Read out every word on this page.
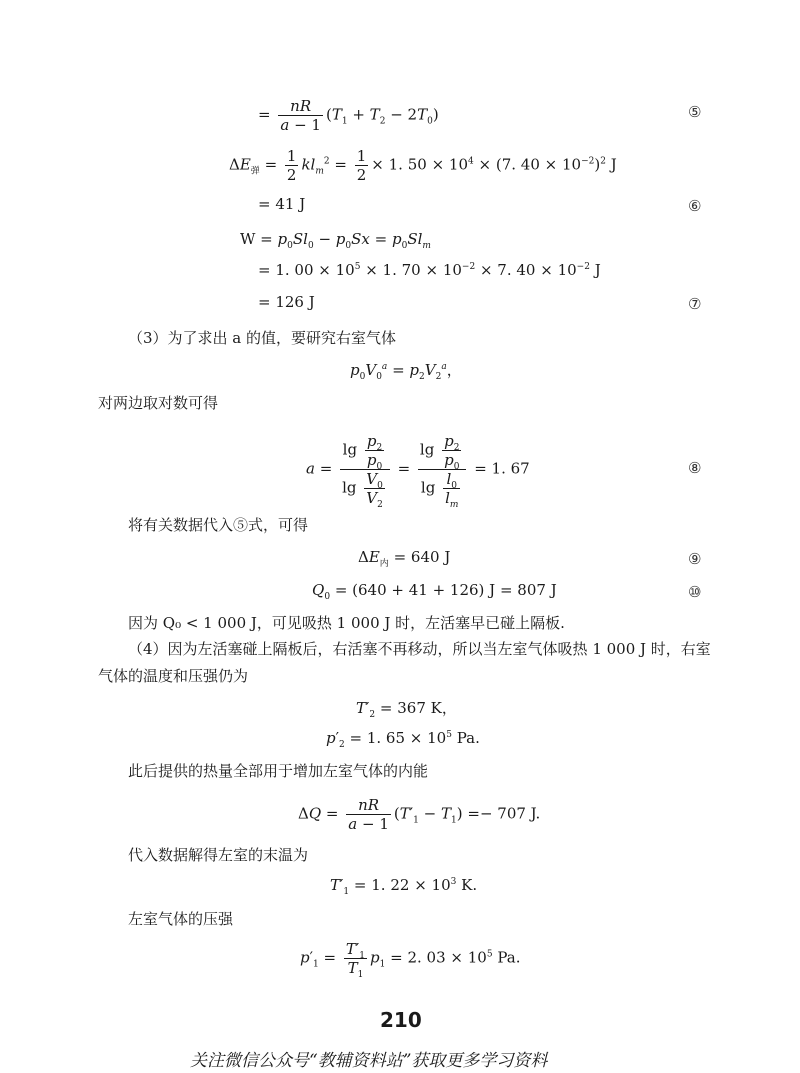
= $\frac{nR}{a - 1} (T_1 + T_2 - 2T_0)$	⑤
$\Delta E_弹 = \frac{1}{2} kl_m^2 = \frac{1}{2} \times 1$. $50 \times 10^4 \times (7$. $40 \times 10^{-2})^2$ J
= 41 J	⑥
$W = p_0Sl_0 - p_0Sx = p_0Sl_m$
= 1. $00 \times 10^5 \times 1$. $70 \times 10^{-2} \times 7$. $40 \times 10^{-2}$ J
= 126 J	⑦
（3）为了求出 a 的值，要研究右室气体
$p_0V_0^a = p_2V_2^a$，
对两边取对数可得
$a = \frac{\lg \frac{p_2}{p_0}}{\lg \frac{V_0}{V_2}} = \frac{\lg \frac{p_2}{p_0}}{\lg \frac{l_0}{l_m}} = 1$. 67	⑧
将有关数据代入⑤式，可得
$\Delta E_内 = 640$ J	⑨
$Q_0 = (640 + 41 + 126) J = 807$ J	⑩
因为 Q₀ < 1 000 J，可见吸热 1 000 J 时，左活塞早已碰上隔板.
（4）因为左活塞碰上隔板后，右活塞不再移动，所以当左室气体吸热 1 000 J 时，右室
气体的温度和压强仍为
$T'_2 = 367$ K，
$p'_2 = 1$. $65 \times 10^5$ Pa.
此后提供的热量全部用于增加左室气体的内能
$\Delta Q = \frac{nR}{a - 1} (T'_1 - T_1) =- 707$ J.
代入数据解得左室的末温为
$T'_1 = 1$. $22 \times 10^3$ K.
左室气体的压强
$p'_1 = \frac{T'_1}{T_1} p_1 = 2$. $03 \times 10^5$ Pa.
210
关注微信公众号“教辅资料站”获取更多学习资料
